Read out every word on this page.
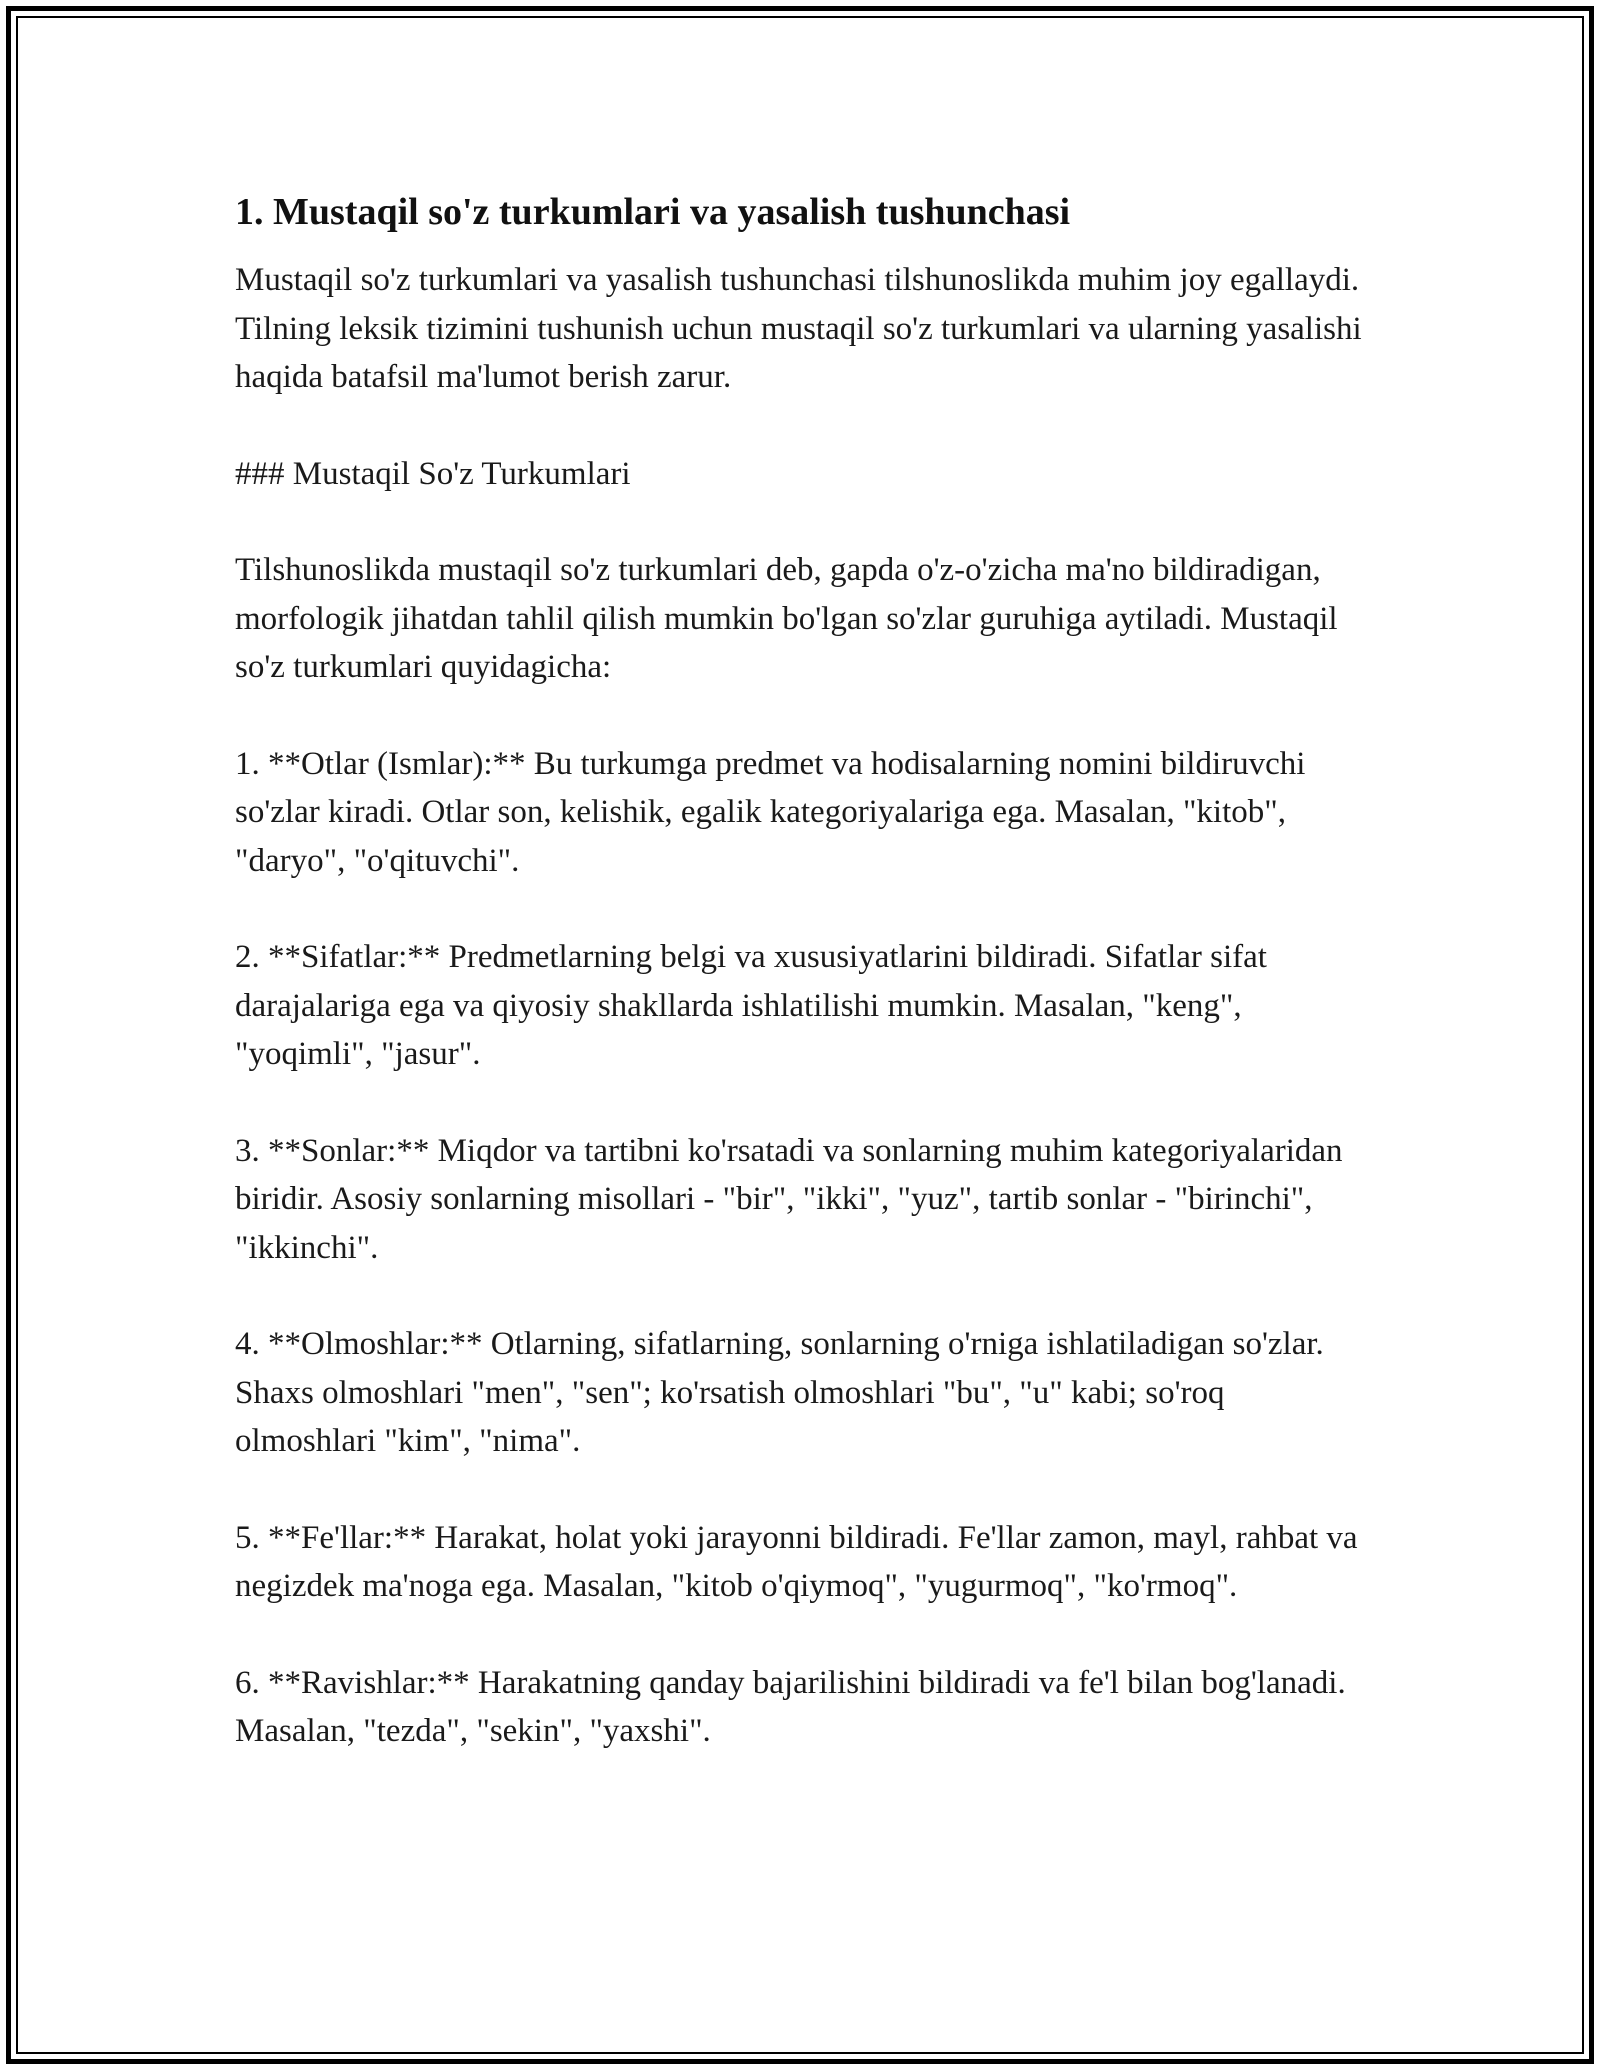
1. Mustaqil so'z turkumlari va yasalish tushunchasi

Mustaqil so'z turkumlari va yasalish tushunchasi tilshunoslikda muhim joy egallaydi. Tilning leksik tizimini tushunish uchun mustaqil so'z turkumlari va ularning yasalishi haqida batafsil ma'lumot berish zarur.

### Mustaqil So'z Turkumlari

Tilshunoslikda mustaqil so'z turkumlari deb, gapda o'z-o'zicha ma'no bildiradigan, morfologik jihatdan tahlil qilish mumkin bo'lgan so'zlar guruhiga aytiladi. Mustaqil so'z turkumlari quyidagicha:

1. **Otlar (Ismlar):** Bu turkumga predmet va hodisalarning nomini bildiruvchi so'zlar kiradi. Otlar son, kelishik, egalik kategoriyalariga ega. Masalan, "kitob", "daryo", "o'qituvchi".

2. **Sifatlar:** Predmetlarning belgi va xususiyatlarini bildiradi. Sifatlar sifat darajalariga ega va qiyosiy shakllarda ishlatilishi mumkin. Masalan, "keng", "yoqimli", "jasur".

3. **Sonlar:** Miqdor va tartibni ko'rsatadi va sonlarning muhim kategoriyalaridan biridir. Asosiy sonlarning misollari - "bir", "ikki", "yuz", tartib sonlar - "birinchi", "ikkinchi".

4. **Olmoshlar:** Otlarning, sifatlarning, sonlarning o'rniga ishlatiladigan so'zlar. Shaxs olmoshlari "men", "sen"; ko'rsatish olmoshlari "bu", "u" kabi; so'roq olmoshlari "kim", "nima".

5. **Fe'llar:** Harakat, holat yoki jarayonni bildiradi. Fe'llar zamon, mayl, rahbat va negizdek ma'noga ega. Masalan, "kitob o'qiymoq", "yugurmoq", "ko'rmoq".

6. **Ravishlar:** Harakatning qanday bajarilishini bildiradi va fe'l bilan bog'lanadi. Masalan, "tezda", "sekin", "yaxshi".
